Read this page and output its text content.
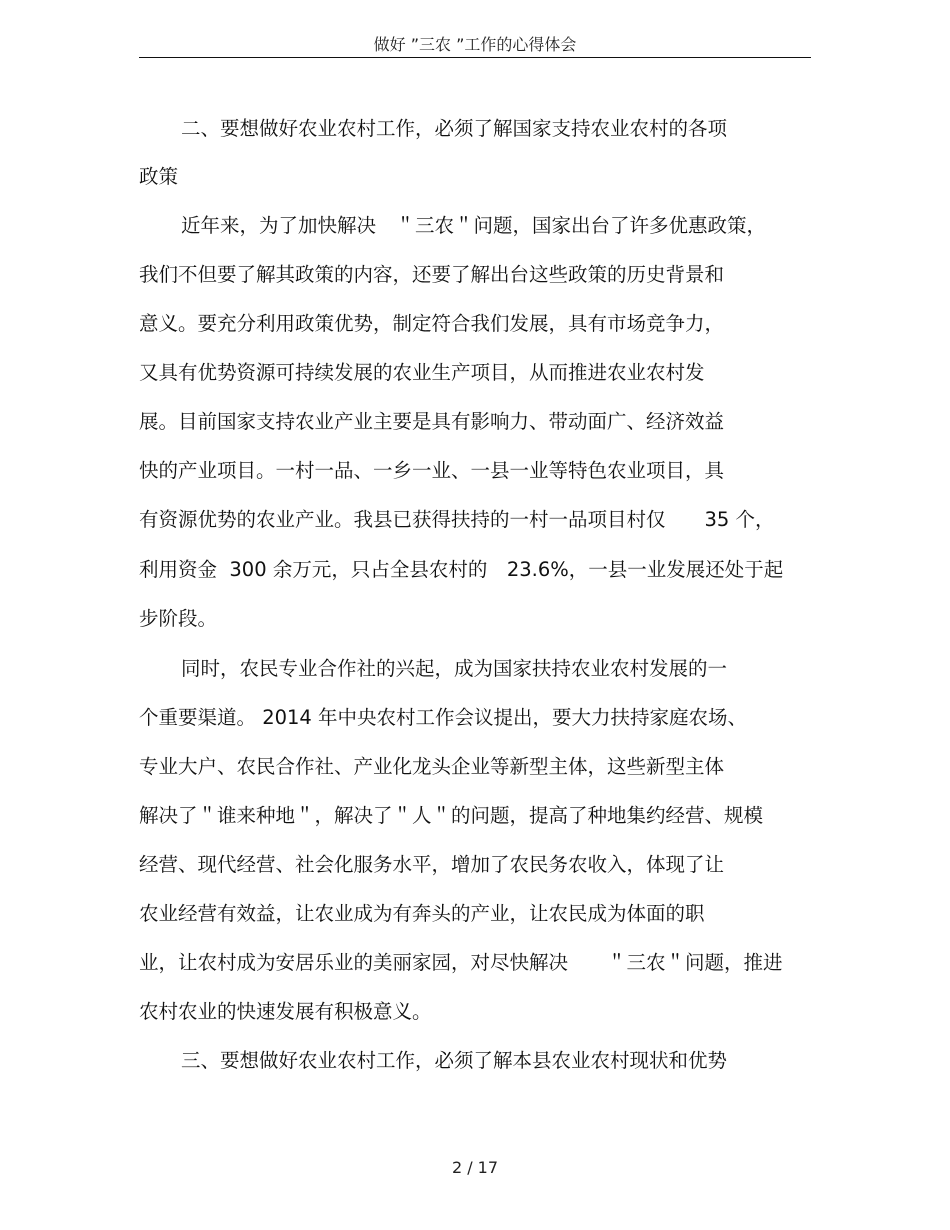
做好 ”三农 ”工作的心得体会
二、要想做好农业农村工作，必须了解国家支持农业农村的各项
政策
近年来，为了加快解决　＂三农＂问题，国家出台了许多优惠政策，
我们不但要了解其政策的内容，还要了解出台这些政策的历史背景和
意义。要充分利用政策优势，制定符合我们发展，具有市场竞争力，
又具有优势资源可持续发展的农业生产项目，从而推进农业农村发
展。目前国家支持农业产业主要是具有影响力、带动面广、经济效益
快的产业项目。一村一品、一乡一业、一县一业等特色农业项目，具
有资源优势的农业产业。我县已获得扶持的一村一品项目村仅　　35 个，
利用资金  300 余万元，只占全县农村的　23.6%，一县一业发展还处于起
步阶段。
同时，农民专业合作社的兴起，成为国家扶持农业农村发展的一
个重要渠道。 2014 年中央农村工作会议提出，要大力扶持家庭农场、
专业大户、农民合作社、产业化龙头企业等新型主体，这些新型主体
解决了＂谁来种地＂，解决了＂人＂的问题，提高了种地集约经营、规模
经营、现代经营、社会化服务水平，增加了农民务农收入，体现了让
农业经营有效益，让农业成为有奔头的产业，让农民成为体面的职
业，让农村成为安居乐业的美丽家园，对尽快解决　　＂三农＂问题，推进
农村农业的快速发展有积极意义。
三、要想做好农业农村工作，必须了解本县农业农村现状和优势
2 / 17
